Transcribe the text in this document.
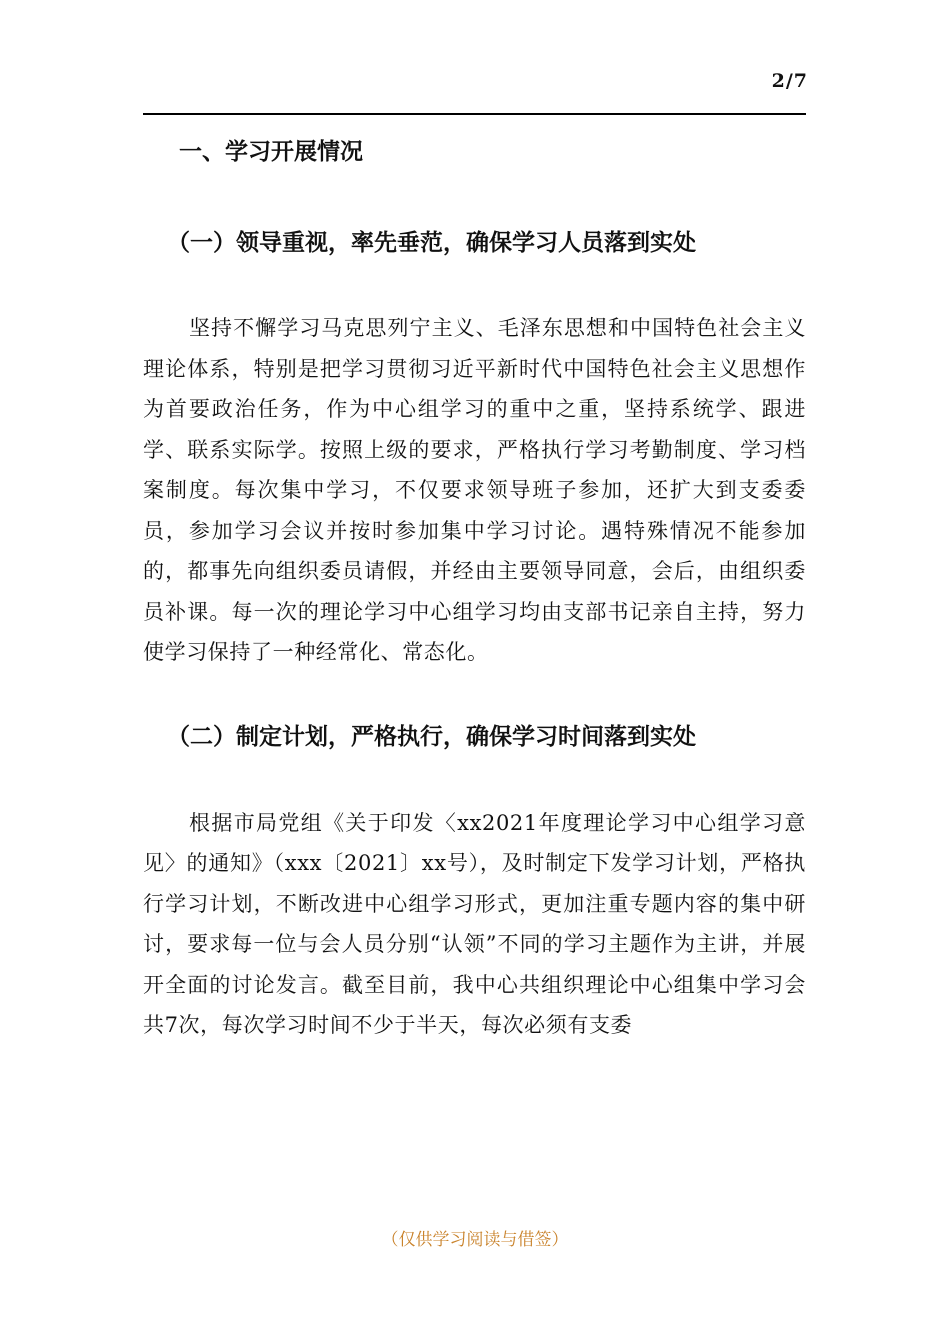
2/7
一、学习开展情况
（一）领导重视，率先垂范，确保学习人员落到实处

坚持不懈学习马克思列宁主义、毛泽东思想和中国特色社会主义理论体系，特别是把学习贯彻习近平新时代中国特色社会主义思想作为首要政治任务，作为中心组学习的重中之重，坚持系统学、跟进学、联系实际学。按照上级的要求，严格执行学习考勤制度、学习档案制度。每次集中学习，不仅要求领导班子参加，还扩大到支委委员，参加学习会议并按时参加集中学习讨论。遇特殊情况不能参加的，都事先向组织委员请假，并经由主要领导同意，会后，由组织委员补课。每一次的理论学习中心组学习均由支部书记亲自主持，努力使学习保持了一种经常化、常态化。

（二）制定计划，严格执行，确保学习时间落到实处

根据市局党组《关于印发〈xx2021年度理论学习中心组学习意见〉的通知》（xxx〔2021〕xx号），及时制定下发学习计划，严格执行学习计划，不断改进中心组学习形式，更加注重专题内容的集中研讨，要求每一位与会人员分别“认领”不同的学习主题作为主讲，并展开全面的讨论发言。截至目前，我中心共组织理论中心组集中学习会共7次，每次学习时间不少于半天，每次必须有支委

（仅供学习阅读与借签）
